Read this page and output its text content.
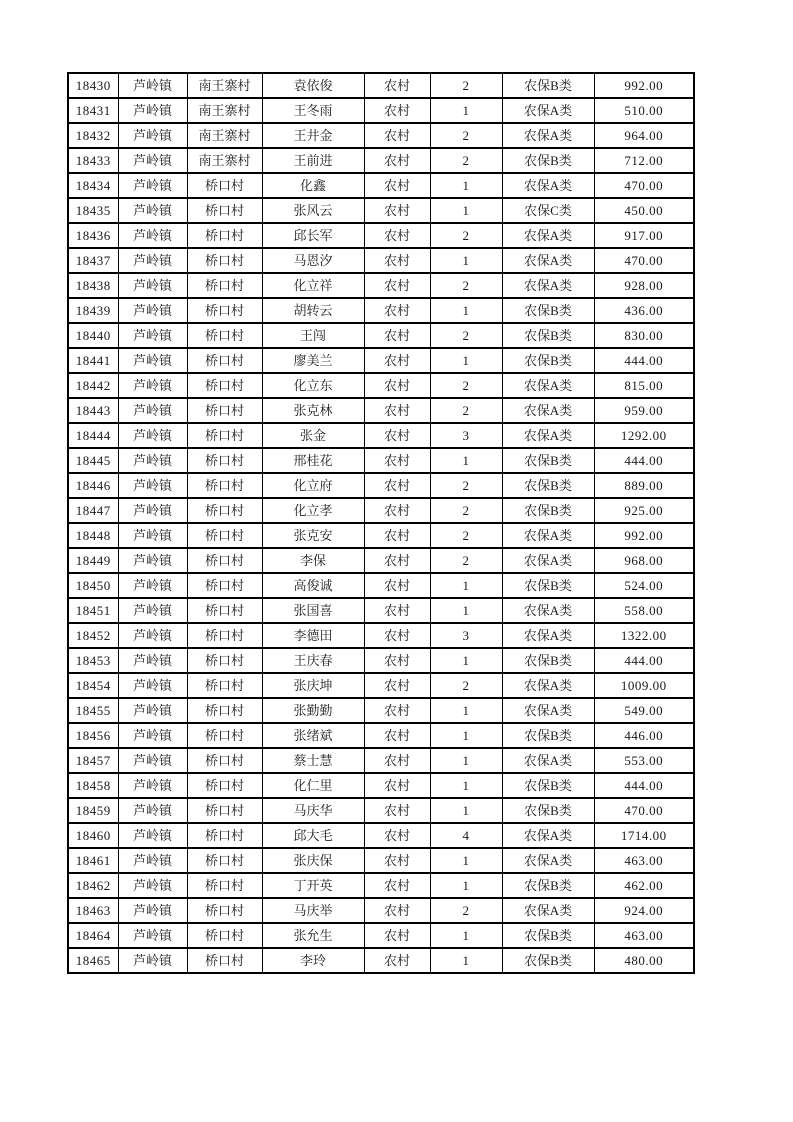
18430	芦岭镇	南王寨村	袁依俊	农村	2	农保B类	992.00
18431	芦岭镇	南王寨村	王冬雨	农村	1	农保A类	510.00
18432	芦岭镇	南王寨村	王井金	农村	2	农保A类	964.00
18433	芦岭镇	南王寨村	王前进	农村	2	农保B类	712.00
18434	芦岭镇	桥口村	化鑫	农村	1	农保A类	470.00
18435	芦岭镇	桥口村	张风云	农村	1	农保C类	450.00
18436	芦岭镇	桥口村	邱长军	农村	2	农保A类	917.00
18437	芦岭镇	桥口村	马恩汐	农村	1	农保A类	470.00
18438	芦岭镇	桥口村	化立祥	农村	2	农保A类	928.00
18439	芦岭镇	桥口村	胡转云	农村	1	农保B类	436.00
18440	芦岭镇	桥口村	王闯	农村	2	农保B类	830.00
18441	芦岭镇	桥口村	廖美兰	农村	1	农保B类	444.00
18442	芦岭镇	桥口村	化立东	农村	2	农保A类	815.00
18443	芦岭镇	桥口村	张克林	农村	2	农保A类	959.00
18444	芦岭镇	桥口村	张金	农村	3	农保A类	1292.00
18445	芦岭镇	桥口村	邢桂花	农村	1	农保B类	444.00
18446	芦岭镇	桥口村	化立府	农村	2	农保B类	889.00
18447	芦岭镇	桥口村	化立孝	农村	2	农保B类	925.00
18448	芦岭镇	桥口村	张克安	农村	2	农保A类	992.00
18449	芦岭镇	桥口村	李保	农村	2	农保A类	968.00
18450	芦岭镇	桥口村	高俊诚	农村	1	农保B类	524.00
18451	芦岭镇	桥口村	张国喜	农村	1	农保A类	558.00
18452	芦岭镇	桥口村	李德田	农村	3	农保A类	1322.00
18453	芦岭镇	桥口村	王庆春	农村	1	农保B类	444.00
18454	芦岭镇	桥口村	张庆坤	农村	2	农保A类	1009.00
18455	芦岭镇	桥口村	张勤勤	农村	1	农保A类	549.00
18456	芦岭镇	桥口村	张绪斌	农村	1	农保B类	446.00
18457	芦岭镇	桥口村	蔡士慧	农村	1	农保A类	553.00
18458	芦岭镇	桥口村	化仁里	农村	1	农保B类	444.00
18459	芦岭镇	桥口村	马庆华	农村	1	农保B类	470.00
18460	芦岭镇	桥口村	邱大毛	农村	4	农保A类	1714.00
18461	芦岭镇	桥口村	张庆保	农村	1	农保A类	463.00
18462	芦岭镇	桥口村	丁开英	农村	1	农保B类	462.00
18463	芦岭镇	桥口村	马庆举	农村	2	农保A类	924.00
18464	芦岭镇	桥口村	张允生	农村	1	农保B类	463.00
18465	芦岭镇	桥口村	李玲	农村	1	农保B类	480.00
